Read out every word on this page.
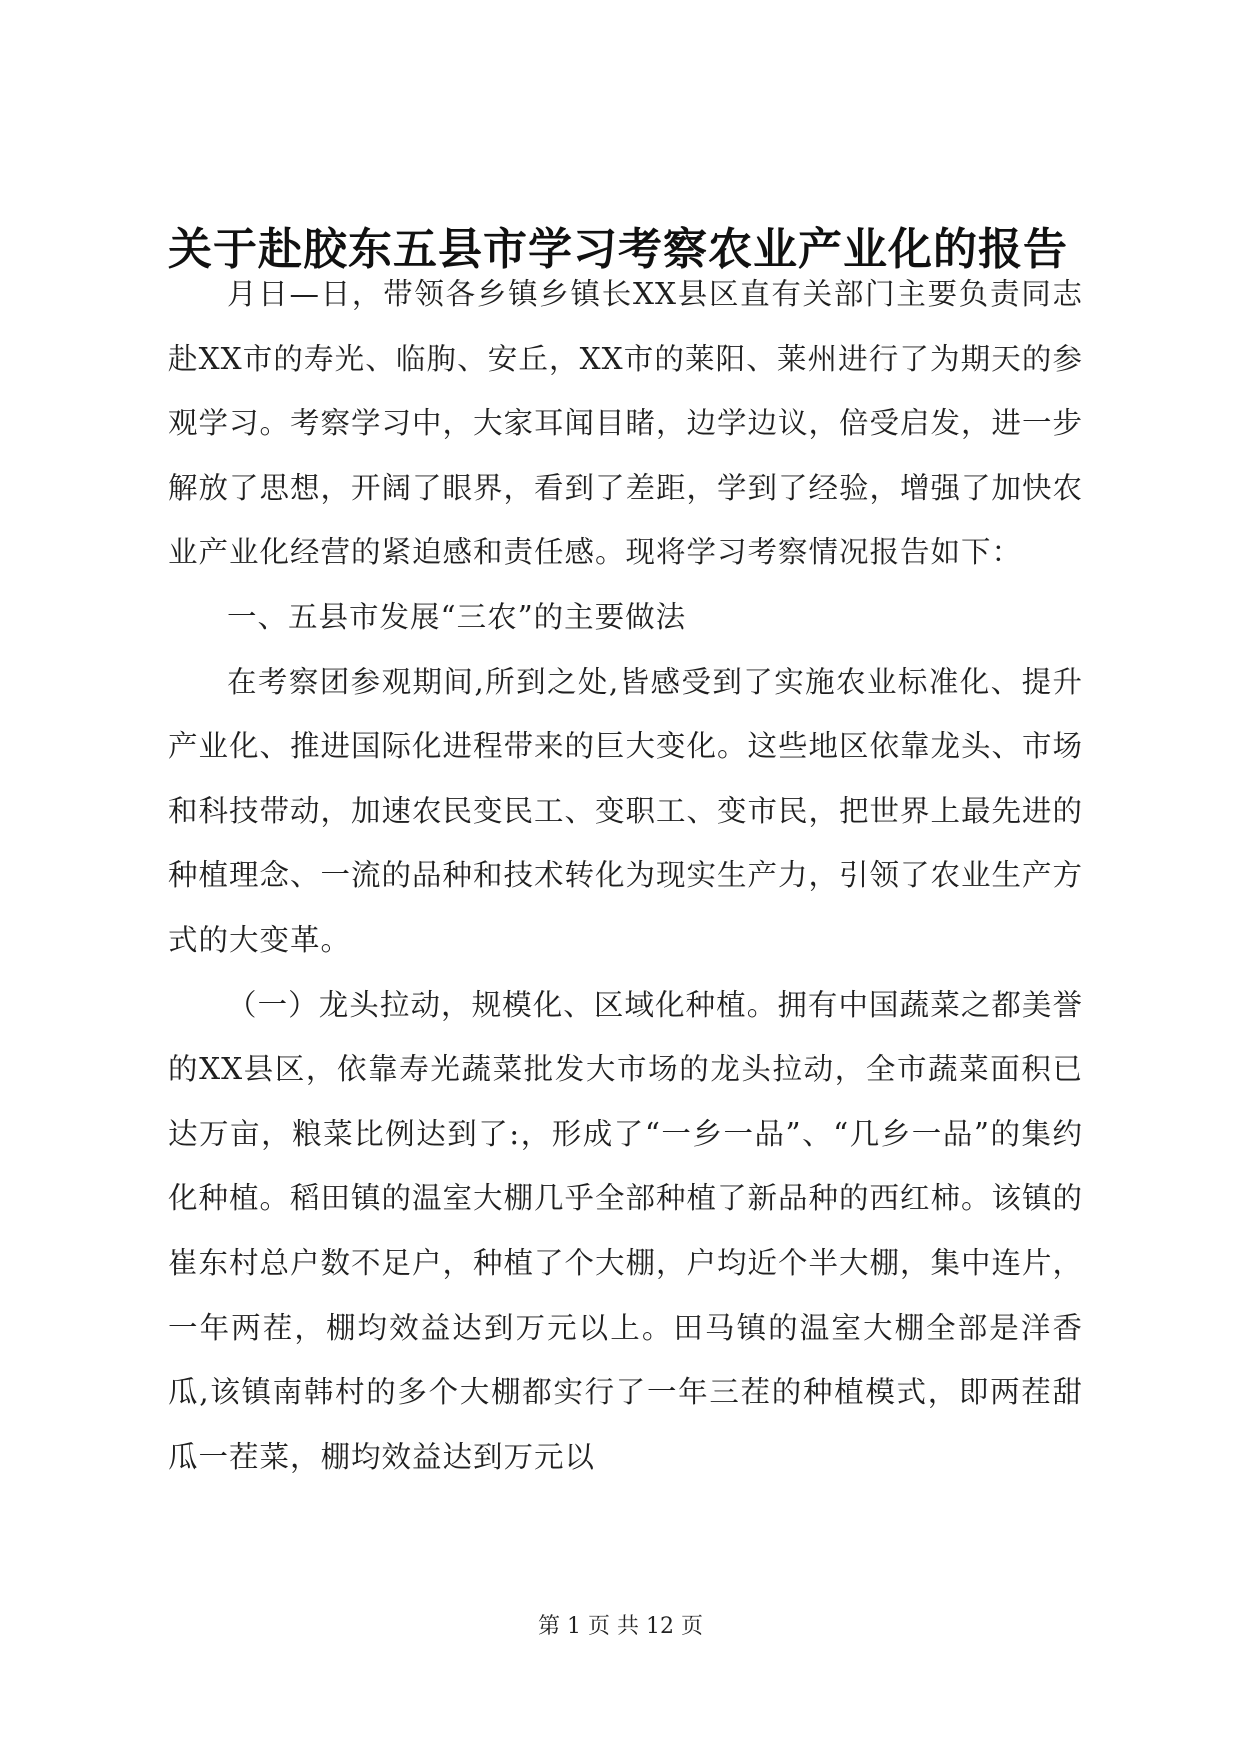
关于赴胶东五县市学习考察农业产业化的报告

月日—日，带领各乡镇乡镇长XX县区直有关部门主要负责同志赴XX市的寿光、临朐、安丘，XX市的莱阳、莱州进行了为期天的参观学习。考察学习中，大家耳闻目睹，边学边议，倍受启发，进一步解放了思想，开阔了眼界，看到了差距，学到了经验，增强了加快农业产业化经营的紧迫感和责任感。现将学习考察情况报告如下：

一、五县市发展“三农”的主要做法

在考察团参观期间,所到之处,皆感受到了实施农业标准化、提升产业化、推进国际化进程带来的巨大变化。这些地区依靠龙头、市场和科技带动，加速农民变民工、变职工、变市民，把世界上最先进的种植理念、一流的品种和技术转化为现实生产力，引领了农业生产方式的大变革。

（一）龙头拉动，规模化、区域化种植。拥有中国蔬菜之都美誉的XX县区，依靠寿光蔬菜批发大市场的龙头拉动，全市蔬菜面积已达万亩，粮菜比例达到了:，形成了“一乡一品”、“几乡一品”的集约化种植。稻田镇的温室大棚几乎全部种植了新品种的西红柿。该镇的崔东村总户数不足户，种植了个大棚，户均近个半大棚，集中连片，一年两茬，棚均效益达到万元以上。田马镇的温室大棚全部是洋香瓜,该镇南韩村的多个大棚都实行了一年三茬的种植模式，即两茬甜瓜一茬菜，棚均效益达到万元以

第 1 页 共 12 页
